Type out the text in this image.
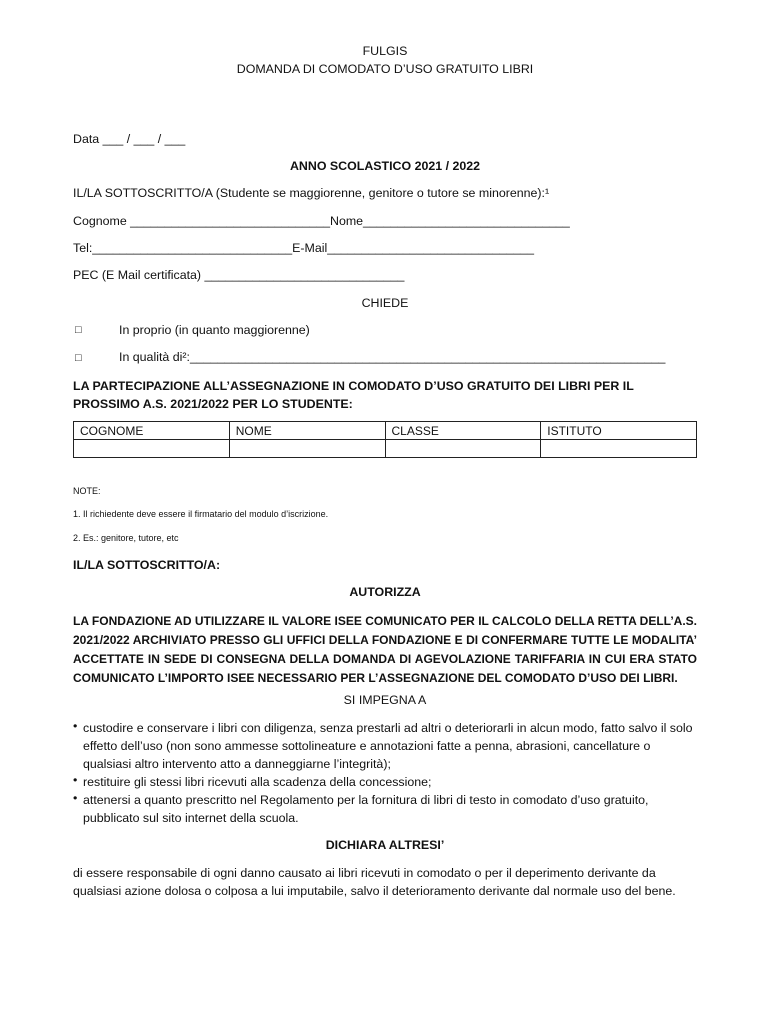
FULGIS

DOMANDA DI COMODATO D’USO GRATUITO LIBRI

Data ___ / ___ / ___

ANNO SCOLASTICO 2021 / 2022

IL/LA SOTTOSCRITTO/A (Studente se maggiorenne, genitore o tutore se minorenne):¹

Cognome _____________________________Nome______________________________

Tel:_____________________________E-Mail______________________________

PEC (E Mail certificata) _____________________________

CHIEDE

□	In proprio (in quanto maggiorenne)

□	In qualità di²:_____________________________________________________________________

LA PARTECIPAZIONE ALL’ASSEGNAZIONE IN COMODATO D’USO GRATUITO DEI LIBRI PER IL PROSSIMO A.S. 2021/2022 PER LO STUDENTE:

COGNOME	NOME	CLASSE	ISTITUTO

NOTE:

1. Il richiedente deve essere il firmatario del modulo d’iscrizione.

2. Es.: genitore, tutore, etc

IL/LA SOTTOSCRITTO/A:

AUTORIZZA

LA FONDAZIONE AD UTILIZZARE IL VALORE ISEE COMUNICATO PER IL CALCOLO DELLA RETTA DELL’A.S. 2021/2022 ARCHIVIATO PRESSO GLI UFFICI DELLA FONDAZIONE E DI CONFERMARE TUTTE LE MODALITA’ ACCETTATE IN SEDE DI CONSEGNA DELLA DOMANDA DI AGEVOLAZIONE TARIFFARIA IN CUI ERA STATO COMUNICATO L’IMPORTO ISEE NECESSARIO PER L’ASSEGNAZIONE DEL COMODATO D’USO DEI LIBRI.

SI IMPEGNA A

• custodire e conservare i libri con diligenza, senza prestarli ad altri o deteriorarli in alcun modo, fatto salvo il solo effetto dell’uso (non sono ammesse sottolineature e annotazioni fatte a penna, abrasioni, cancellature o qualsiasi altro intervento atto a danneggiarne l’integrità);

• restituire gli stessi libri ricevuti alla scadenza della concessione;

• attenersi a quanto prescritto nel Regolamento per la fornitura di libri di testo in comodato d’uso gratuito, pubblicato sul sito internet della scuola.

DICHIARA ALTRESI’

di essere responsabile di ogni danno causato ai libri ricevuti in comodato o per il deperimento derivante da qualsiasi azione dolosa o colposa a lui imputabile, salvo il deterioramento derivante dal normale uso del bene.
